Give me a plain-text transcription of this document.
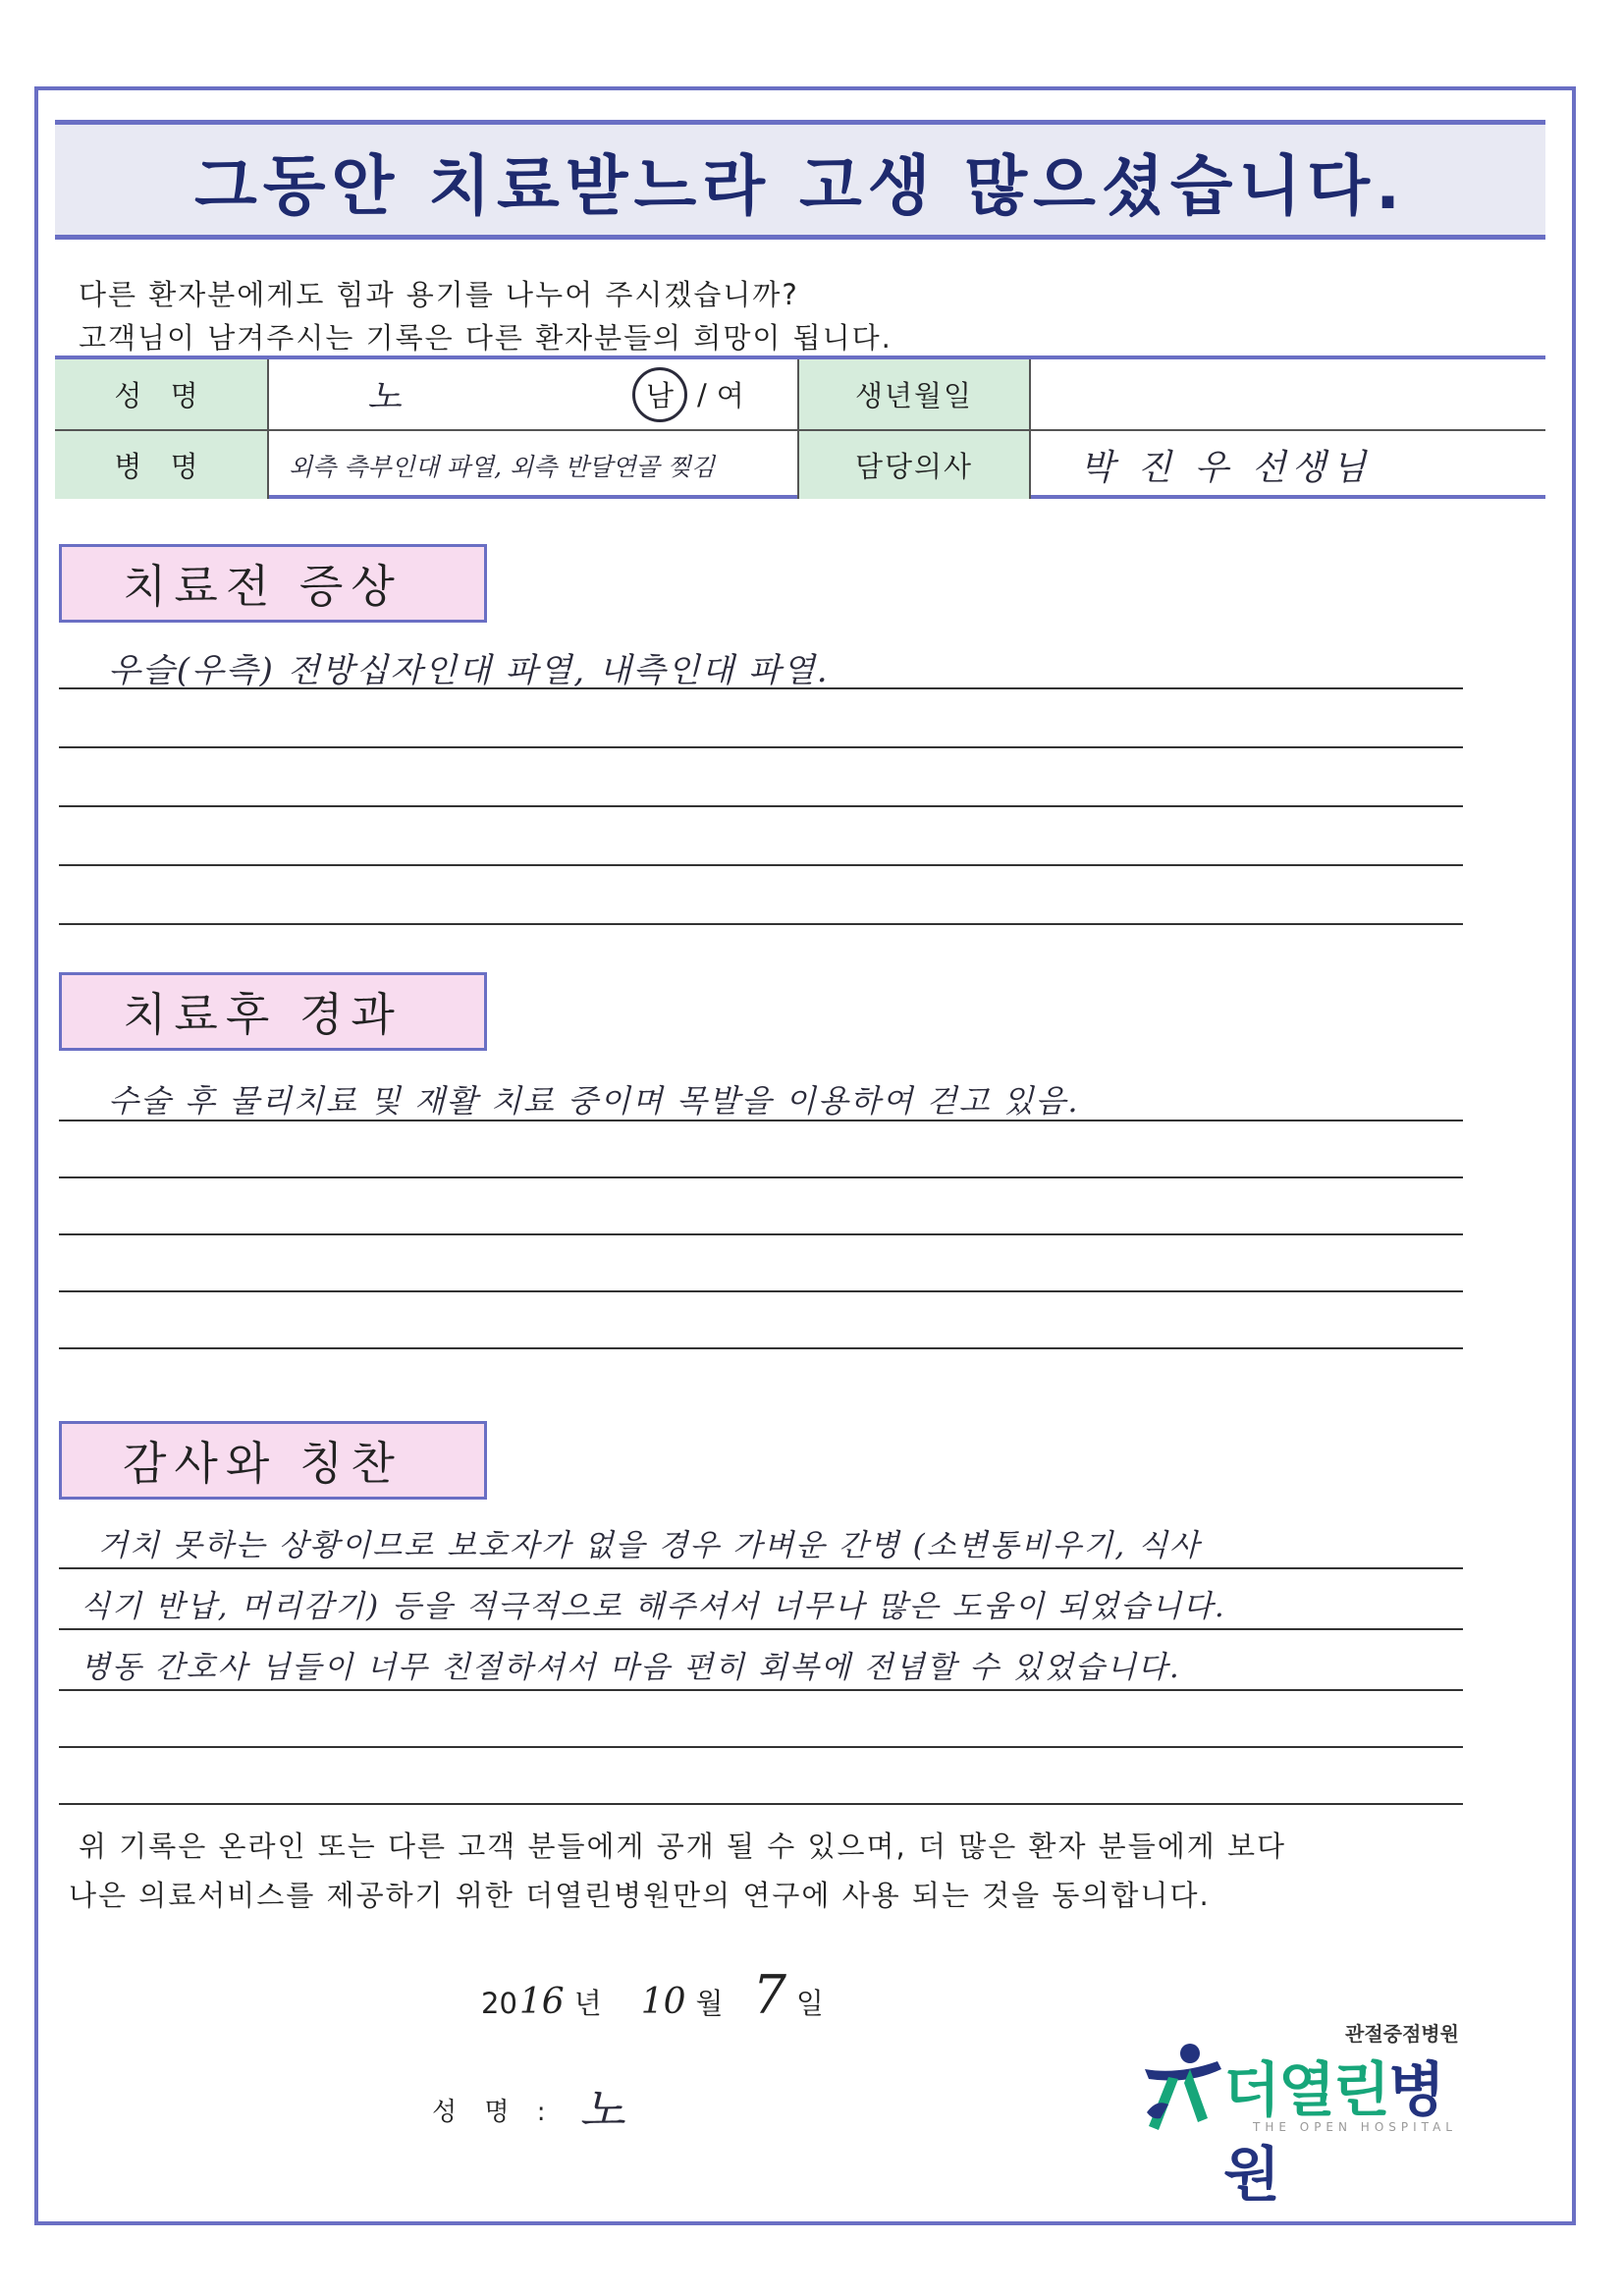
그동안 치료받느라 고생 많으셨습니다.
다른 환자분에게도 힘과 용기를 나누어 주시겠습니까?
고객님이 남겨주시는 기록은 다른 환자분들의 희망이 됩니다.
성 명	노	남 / 여	생년월일
병 명	외측 측부인대 파열, 외측 반달연골 찢김	담당의사	박 진 우 선생님
치료전 증상
우슬(우측) 전방십자인대 파열, 내측인대 파열.
치료후 경과
수술 후 물리치료 및 재활 치료 중이며 목발을 이용하여 걷고 있음.
감사와 칭찬
거치 못하는 상황이므로 보호자가 없을 경우 가벼운 간병 (소변통비우기, 식사
식기 반납, 머리감기) 등을 적극적으로 해주셔서 너무나 많은 도움이 되었습니다.
병동 간호사 님들이 너무 친절하셔서 마음 편히 회복에 전념할 수 있었습니다.
위 기록은 온라인 또는 다른 고객 분들에게 공개 될 수 있으며, 더 많은 환자 분들에게 보다
나은 의료서비스를 제공하기 위한 더열린병원만의 연구에 사용 되는 것을 동의합니다.
20 16 년 10 월 7 일
성 명 : 노
관절중점병원
더열린병원
THE OPEN HOSPITAL
